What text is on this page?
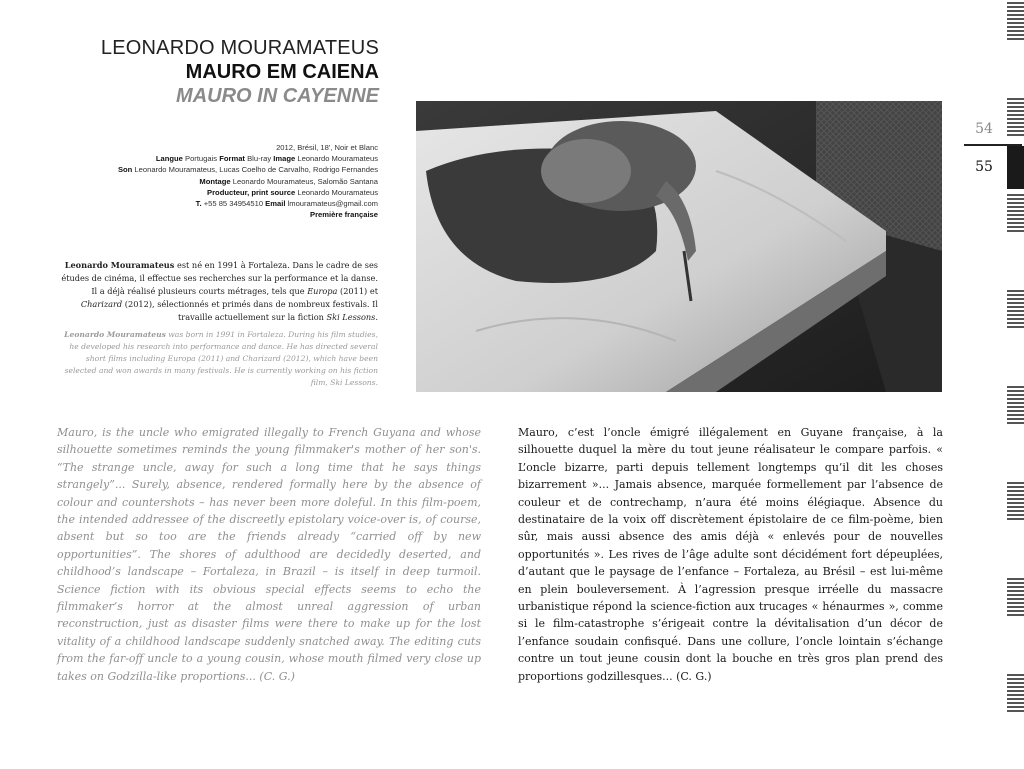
LEONARDO MOURAMATEUS
MAURO EM CAIENA
MAURO IN CAYENNE
2012, Brésil, 18', Noir et Blanc
Langue Portugais Format Blu-ray Image Leonardo Mouramateus
Son Leonardo Mouramateus, Lucas Coelho de Carvalho, Rodrigo Fernandes
Montage Leonardo Mouramateus, Salomão Santana
Producteur, print source Leonardo Mouramateus
T. +55 85 34954510 Email lmouramateus@gmail.com
Première française
Leonardo Mouramateus est né en 1991 à Fortaleza. Dans le cadre de ses études de cinéma, il effectue ses recherches sur la performance et la danse. Il a déjà réalisé plusieurs courts métrages, tels que Europa (2011) et Charizard (2012), sélectionnés et primés dans de nombreux festivals. Il travaille actuellement sur la fiction Ski Lessons.
Leonardo Mouramateus was born in 1991 in Fortaleza. During his film studies, he developed his research into performance and dance. He has directed several short films including Europa (2011) and Charizard (2012), which have been selected and won awards in many festivals. He is currently working on his fiction film, Ski Lessons.
Mauro, is the uncle who emigrated illegally to French Guyana and whose silhouette sometimes reminds the young filmmaker's mother of her son's. “The strange uncle, away for such a long time that he says things strangely”... Surely, absence, rendered formally here by the absence of colour and countershots – has never been more doleful. In this film-poem, the intended addressee of the discreetly epistolary voice-over is, of course, absent but so too are the friends already “carried off by new opportunities”. The shores of adulthood are decidedly deserted, and childhood’s landscape – Fortaleza, in Brazil – is itself in deep turmoil. Science fiction with its obvious special effects seems to echo the filmmaker’s horror at the almost unreal aggression of urban reconstruction, just as disaster films were there to make up for the lost vitality of a childhood landscape suddenly snatched away. The editing cuts from the far-off uncle to a young cousin, whose mouth filmed very close up takes on Godzilla-like proportions... (C. G.)
Mauro, c’est l’oncle émigré illégalement en Guyane française, à la silhouette duquel la mère du tout jeune réalisateur le compare parfois. « L’oncle bizarre, parti depuis tellement longtemps qu’il dit les choses bizarrement »... Jamais absence, marquée formellement par l’absence de couleur et de contrechamp, n’aura été moins élégiaque. Absence du destinataire de la voix off discrètement épistolaire de ce film-poème, bien sûr, mais aussi absence des amis déjà « enlevés pour de nouvelles opportunités ». Les rives de l’âge adulte sont décidément fort dépeuplées, d’autant que le paysage de l’enfance – Fortaleza, au Brésil – est lui-même en plein bouleversement. À l’agression presque irréelle du massacre urbanistique répond la science-fiction aux trucages « hénaurmes », comme si le film-catastrophe s’érigeait contre la dévitalisation d’un décor de l’enfance soudain confisqué. Dans une collure, l’oncle lointain s’échange contre un tout jeune cousin dont la bouche en très gros plan prend des proportions godzillesques... (C. G.)
54
55
